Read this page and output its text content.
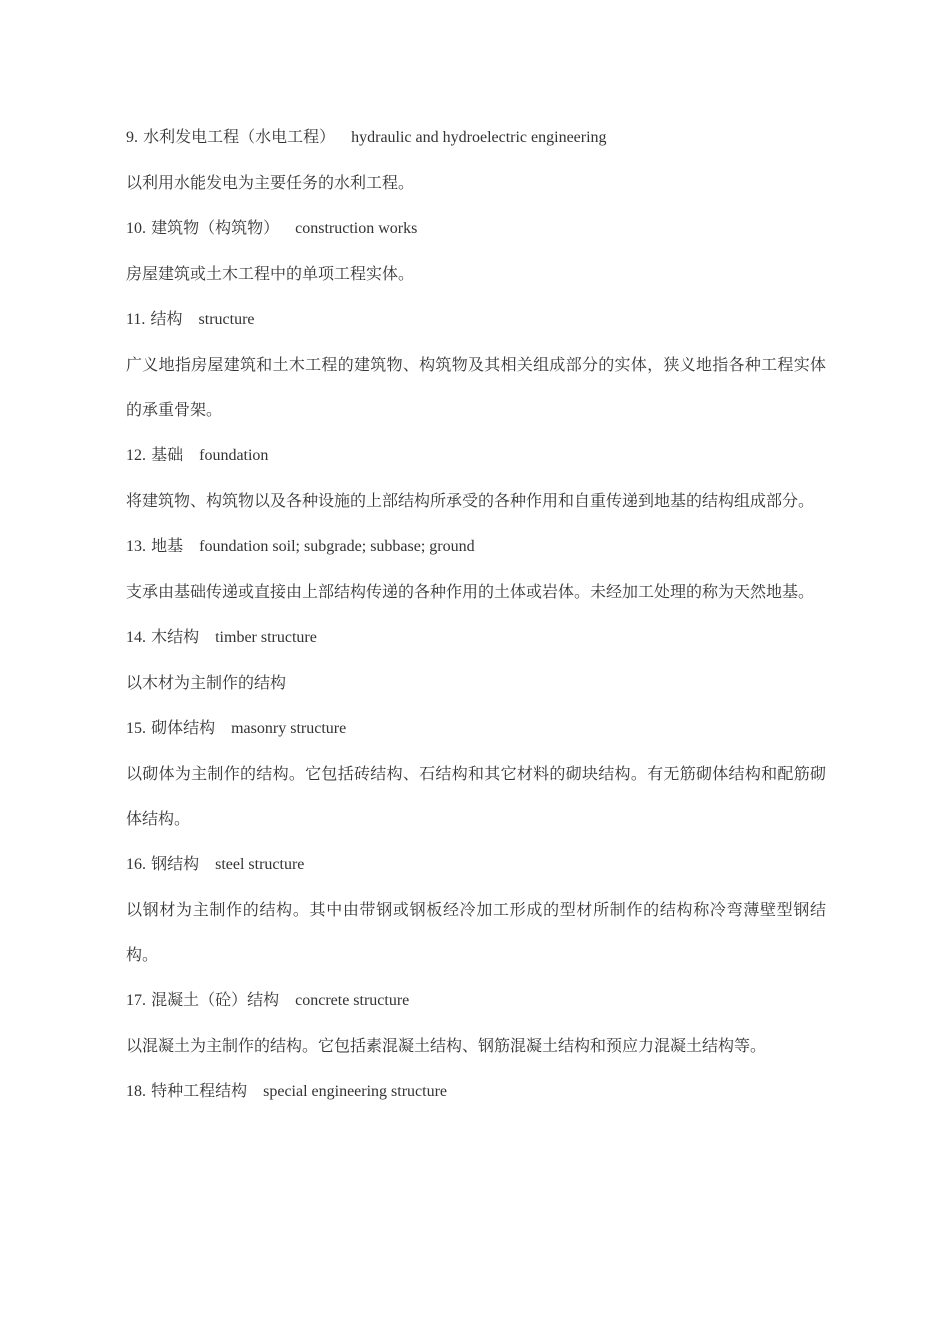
9. 水利发电工程（水电工程） hydraulic and hydroelectric engineering
以利用水能发电为主要任务的水利工程。
10. 建筑物（构筑物） construction works
房屋建筑或土木工程中的单项工程实体。
11. 结构 structure
广义地指房屋建筑和土木工程的建筑物、构筑物及其相关组成部分的实体，狭义地指各种工程实体的承重骨架。
12. 基础 foundation
将建筑物、构筑物以及各种设施的上部结构所承受的各种作用和自重传递到地基的结构组成部分。
13. 地基 foundation soil; subgrade; subbase; ground
支承由基础传递或直接由上部结构传递的各种作用的土体或岩体。未经加工处理的称为天然地基。
14. 木结构 timber structure
以木材为主制作的结构
15. 砌体结构 masonry structure
以砌体为主制作的结构。它包括砖结构、石结构和其它材料的砌块结构。有无筋砌体结构和配筋砌体结构。
16. 钢结构 steel structure
以钢材为主制作的结构。其中由带钢或钢板经冷加工形成的型材所制作的结构称冷弯薄壁型钢结构。
17. 混凝土（砼）结构 concrete structure
以混凝土为主制作的结构。它包括素混凝土结构、钢筋混凝土结构和预应力混凝土结构等。
18. 特种工程结构 special engineering structure
